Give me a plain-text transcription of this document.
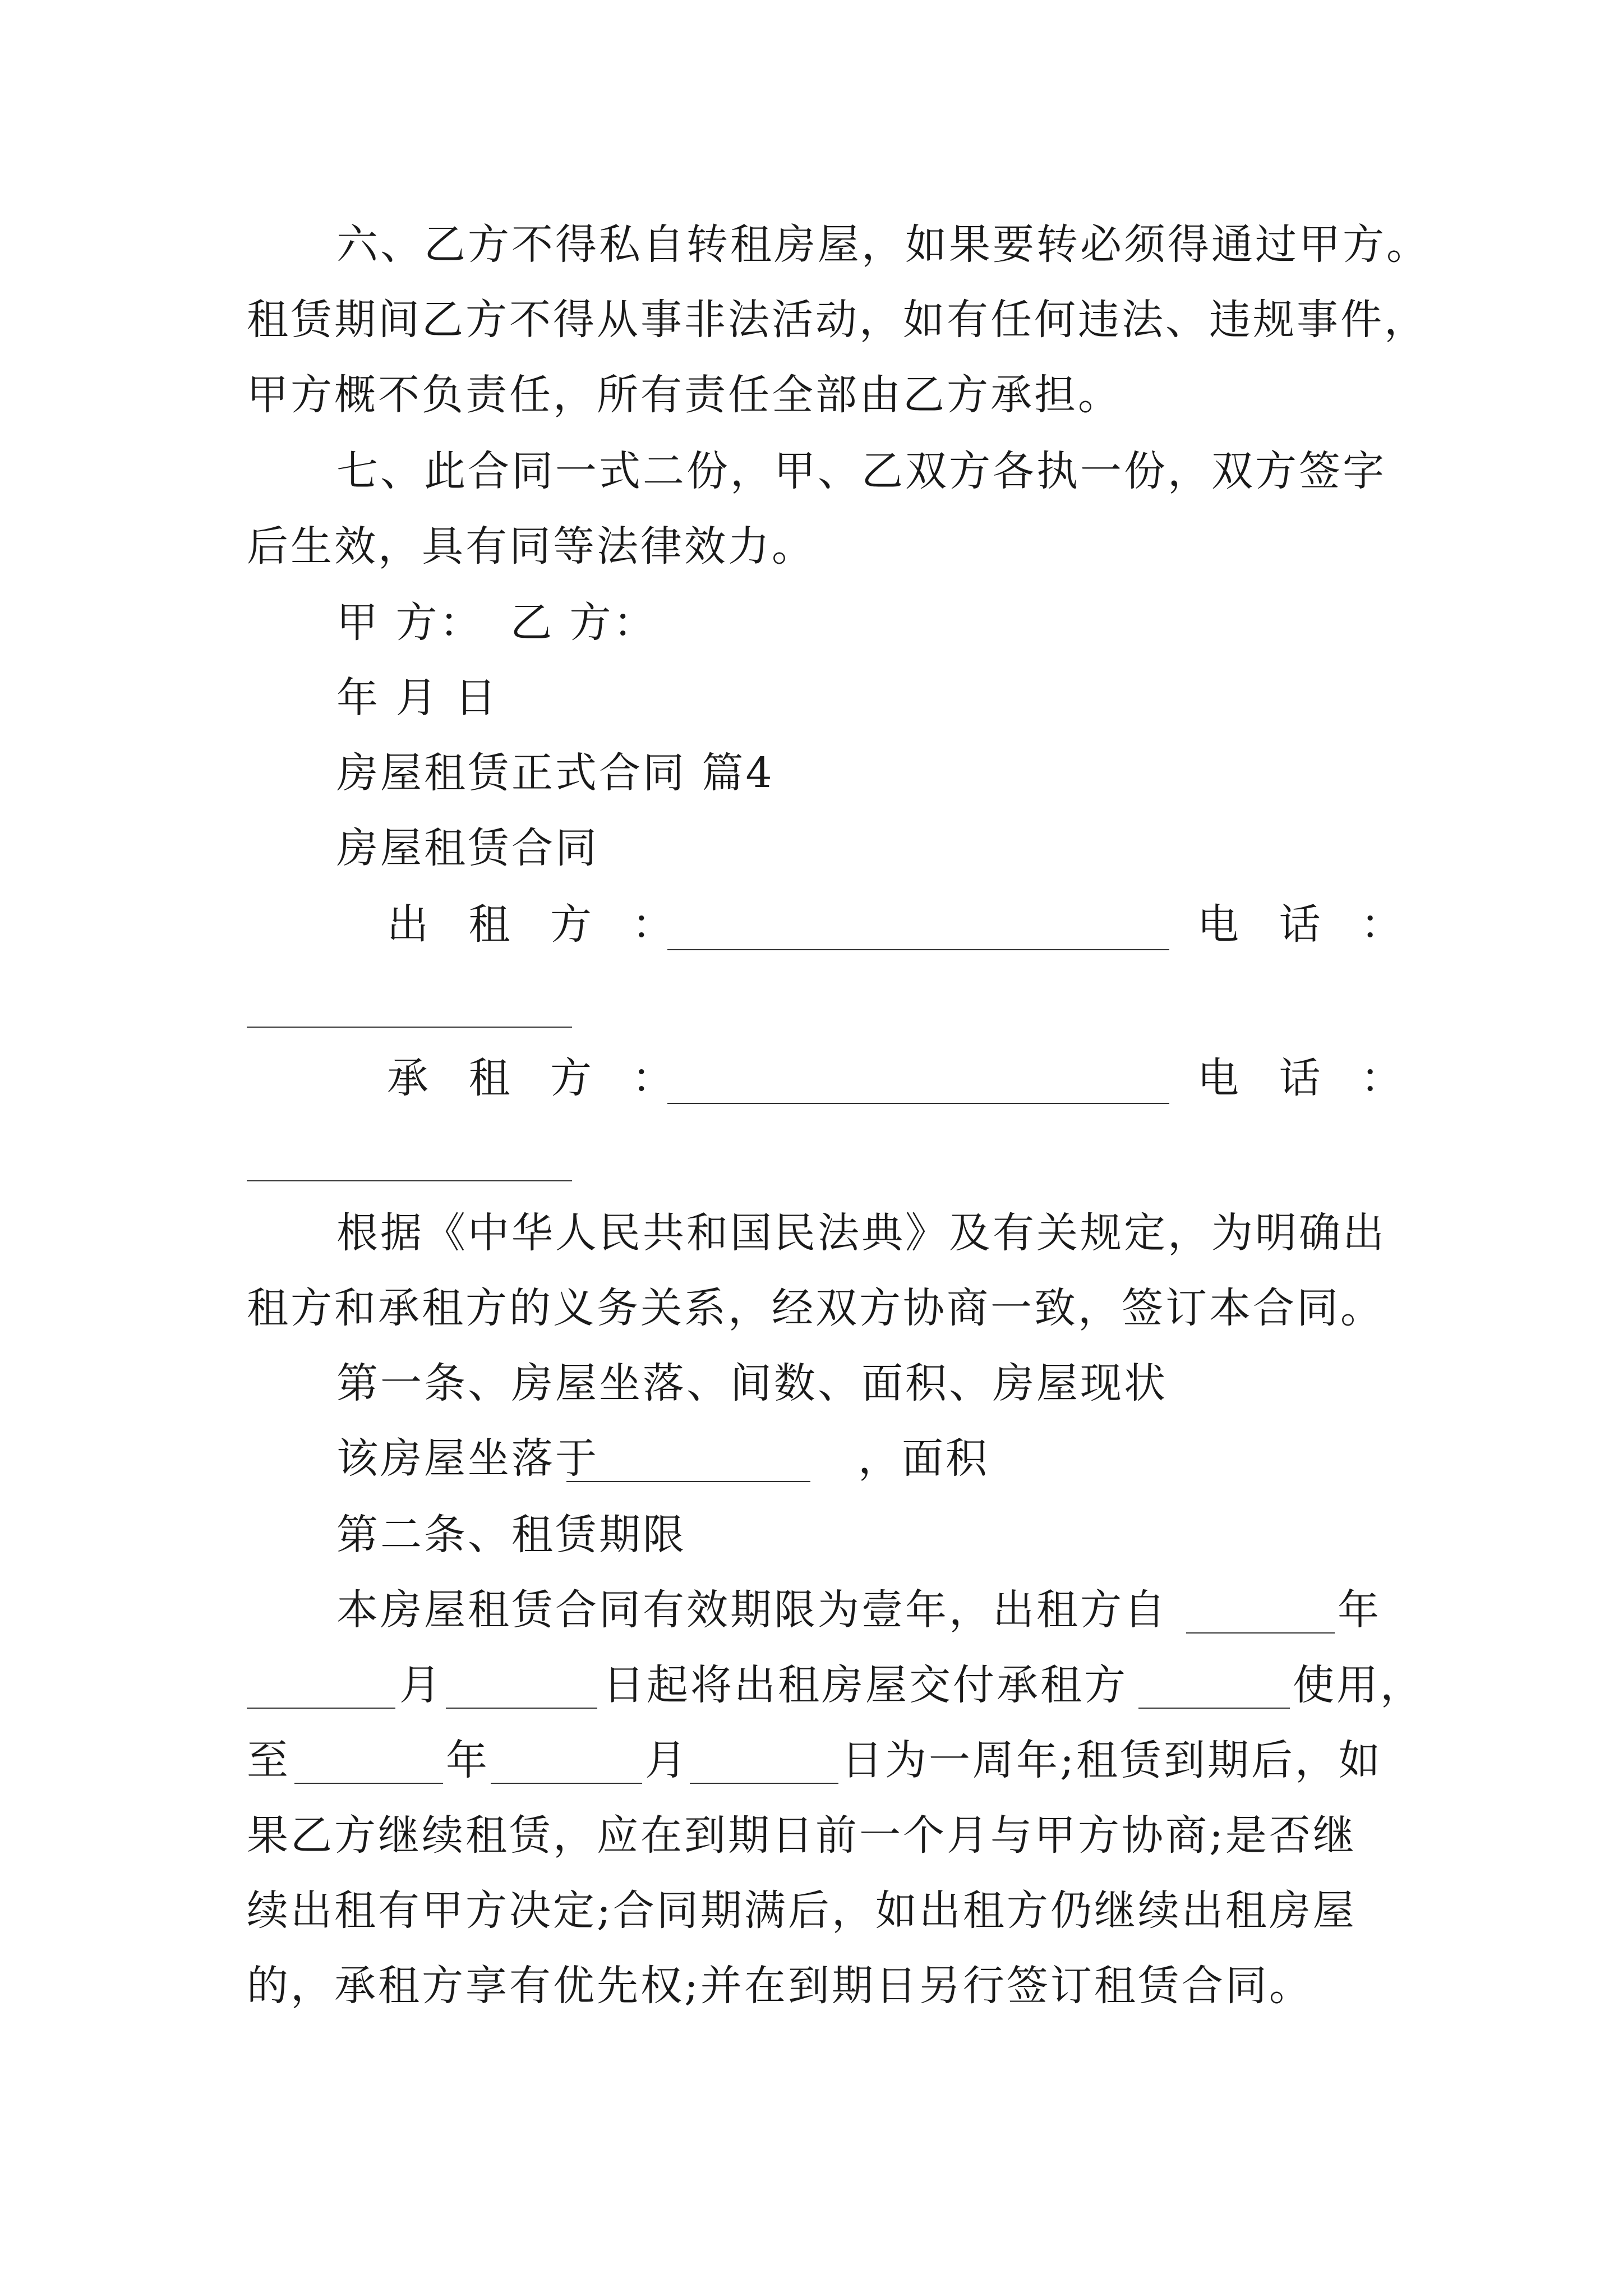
六、乙方不得私自转租房屋，如果要转必须得通过甲方。

租赁期间乙方不得从事非法活动，如有任何违法、违规事件，

甲方概不负责任，所有责任全部由乙方承担。

七、此合同一式二份，甲、乙双方各执一份，双方签字

后生效，具有同等法律效力。

甲 方： 乙 方：

年 月 日

房屋租赁正式合同 篇4

房屋租赁合同

出 租 方 ：	电 话 ：

承 租 方 ：	电 话 ：

根据《中华人民共和国民法典》及有关规定，为明确出

租方和承租方的义务关系，经双方协商一致，签订本合同。

第一条、房屋坐落、间数、面积、房屋现状

该房屋坐落于	，面积

第二条、租赁期限

本房屋租赁合同有效期限为壹年，出租方自	年

月	日起将出租房屋交付承租方	使用，

至	年	月	日为一周年;租赁到期后，如

果乙方继续租赁，应在到期日前一个月与甲方协商;是否继

续出租有甲方决定;合同期满后，如出租方仍继续出租房屋

的，承租方享有优先权;并在到期日另行签订租赁合同。
